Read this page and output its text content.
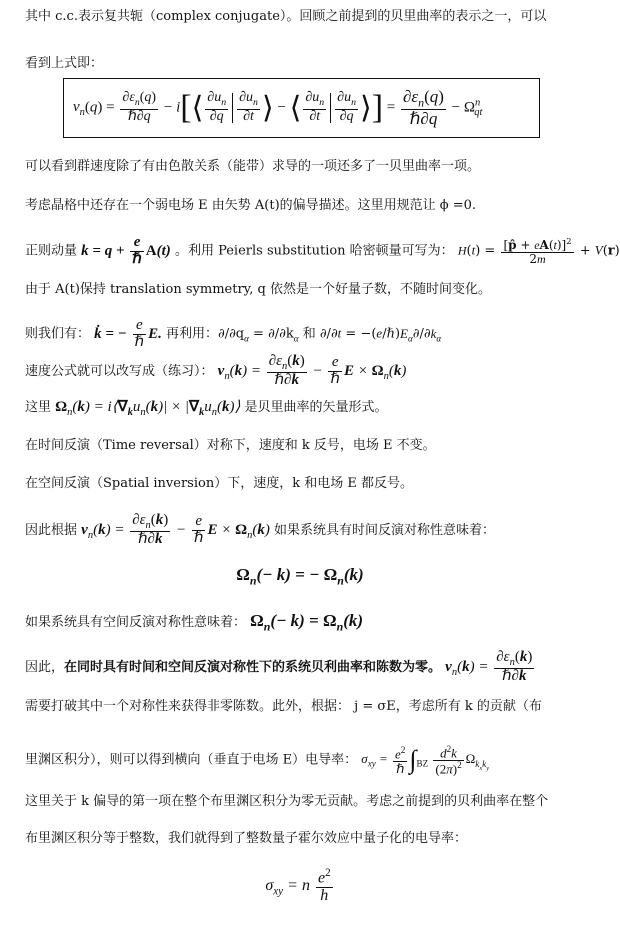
其中 c.c.表示复共轭（complex conjugate）。回顾之前提到的贝里曲率的表示之一，可以
看到上式即：
$v_n(q) = \frac{\partial\varepsilon_n(q)}{\text{ℏ∂q}}$ − i[⟨ $\frac{\partial u_n}{\partial q} \frac{\partial u_n}{\partial t}$ ⟩ − ⟨ $\frac{\partial u_n}{\partial t} \frac{\partial u_n}{\partial q}$ ⟩] = $\frac{\partial\varepsilon_n(q)}{\text{ℏ∂q}} - \Omega^n_{qt}$
可以看到群速度除了有由色散关系（能带）求导的一项还多了一贝里曲率一项。
考虑晶格中还存在一个弱电场 E 由矢势 A(t)的偏导描述。这里用规范让 ϕ =0.
正则动量 $k = q + \frac{e}{\text{ℏ}} A(t)$ 。利用 Peierls substitution 哈密顿量可写为： $H(t) = \frac{[p̂ + eA(t)]^2}{2m} + V(r)$
由于 A(t)保持 translation symmetry, q 依然是一个好量子数，不随时间变化。
则我们有： k̇ = − $\frac{e}{\text{ℏ}} E$. 再利用：$\partial/\partial q_\alpha = \partial/\partial k_\alpha$ 和 $\partial/\partial t = -(e/\hbar)E_\alpha\partial/\partial k_\alpha$
速度公式就可以改写成（练习）： $v_n(k) = \frac{\partial\varepsilon_n(k)}{\text{ℏ∂k}} - \frac{e}{\text{ℏ}}$ $E \times \Omega_n(k)$
这里 $\Omega_n(k)$ = $i⟨\nabla_ku_n(k)|$ × $|\nabla_ku_n(k)⟩$ 是贝里曲率的矢量形式。
在时间反演（Time reversal）对称下，速度和 k 反号，电场 E 不变。
在空间反演（Spatial inversion）下，速度，k 和电场 E 都反号。
因此根据 $v_n(k) = \frac{\partial\varepsilon_n(k)}{\text{ℏ∂k}} - \frac{e}{\text{ℏ}}$ $E \times \Omega_n(k)$ 如果系统具有时间反演对称性意味着：
$\Omega_n(- k)$ = − $\Omega_n(k)$
如果系统具有空间反演对称性意味着： $\Omega_n(- k) = \Omega_n(k)$
因此，在同时具有时间和空间反演对称性下的系统贝利曲率和陈数为零。 $v_n(k) = \frac{\partial\varepsilon_n(k)}{\text{ℏ∂k}}$
需要打破其中一个对称性来获得非零陈数。此外，根据： j = σE，考虑所有 k 的贡献（布
里渊区积分），则可以得到横向（垂直于电场 E）电导率： $\sigma_{xy} = \frac{e^2}{\text{ℏ}} \int_{BZ} \frac{d^2k}{(2\pi)^2} \Omega_{k_xk_y}$
这里关于 k 偏导的第一项在整个布里渊区积分为零无贡献。考虑之前提到的贝利曲率在整个
布里渊区积分等于整数，我们就得到了整数量子霍尔效应中量子化的电导率：
$\sigma_{xy} = n \frac{e^2}{h}$
